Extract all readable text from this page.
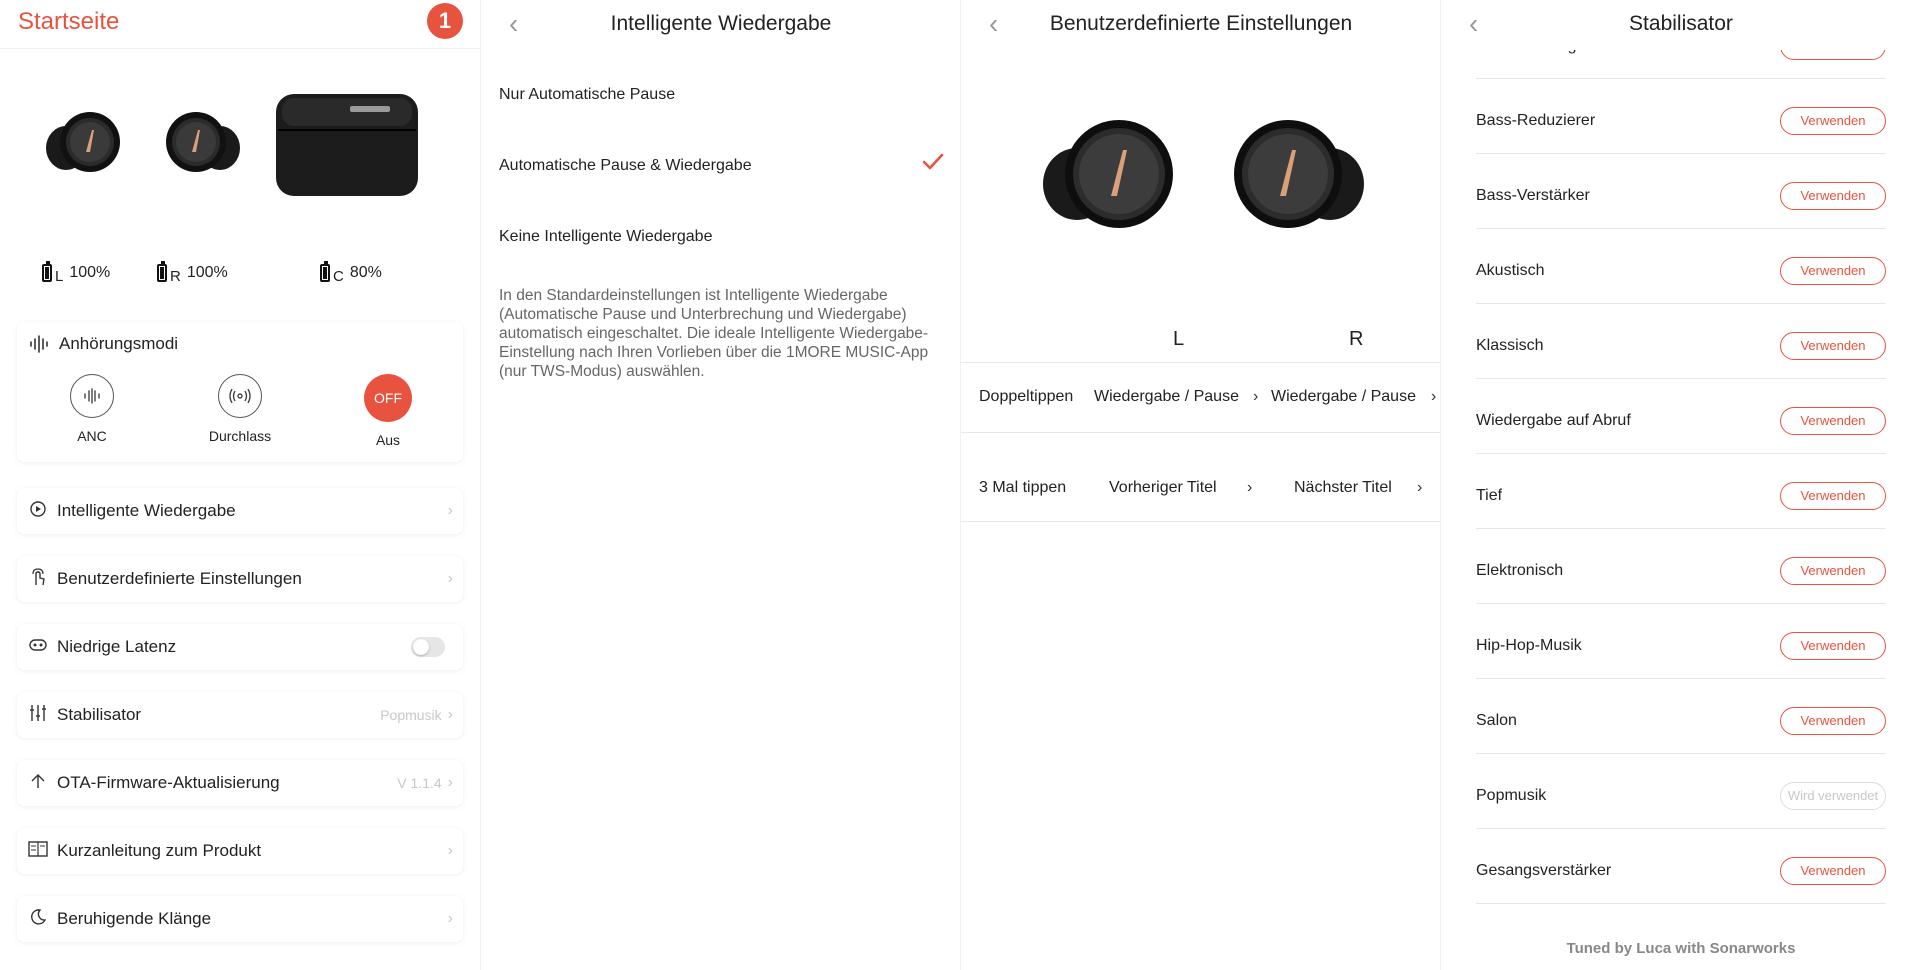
Startseite	1
L 100%	R 100%	C 80%
Anhörungsmodi
ANC	Durchlass
OFF
Aus
Intelligente Wiedergabe	›
Benutzerdefinierte Einstellungen	›
Niedrige Latenz
Stabilisator	Popmusik ›
OTA-Firmware-Aktualisierung	V 1.1.4 ›
Kurzanleitung zum Produkt	›
Beruhigende Klänge	›
‹	Intelligente Wiedergabe
Nur Automatische Pause
Automatische Pause & Wiedergabe
Keine Intelligente Wiedergabe
In den Standardeinstellungen ist Intelligente Wiedergabe (Automatische Pause und Unterbrechung und Wiedergabe) automatisch eingeschaltet. Die ideale Intelligente Wiedergabe-Einstellung nach Ihren Vorlieben über die 1MORE MUSIC-App (nur TWS-Modus) auswählen.
‹	Benutzerdefinierte Einstellungen
L	R
Doppeltippen Wiedergabe / Pause › Wiedergabe / Pause ›
3 Mal tippen	Vorheriger Titel ›	Nächster Titel ›
‹	Stabilisator
Bass-Reduzierer	Verwenden
Bass-Verstärker	Verwenden
Akustisch	Verwenden
Klassisch	Verwenden
Wiedergabe auf Abruf	Verwenden
Tief	Verwenden
Elektronisch	Verwenden
Hip-Hop-Musik	Verwenden
Salon	Verwenden
Popmusik	Wird verwendet
Gesangsverstärker	Verwenden
Tuned by Luca with Sonarworks
